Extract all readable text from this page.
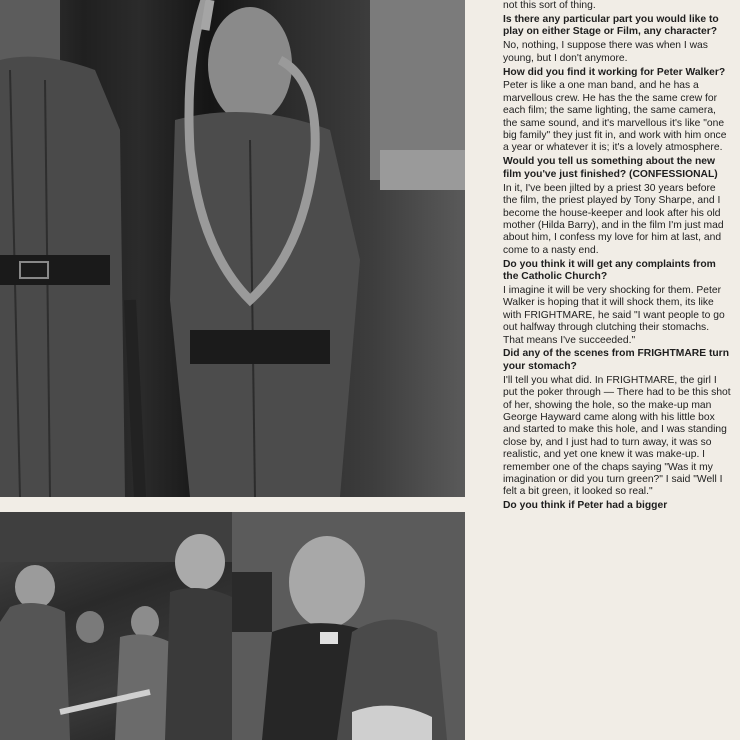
not this sort of thing.

Is there any particular part you would like to play on either Stage or Film, any character?

No, nothing, I suppose there was when I was young, but I don't anymore.

How did you find it working for Peter Walker?

Peter is like a one man band, and he has a marvellous crew. He has the the same crew for each film; the same lighting, the same camera, the same sound, and it's marvellous it's like "one big family" they just fit in, and work with him once a year or whatever it is; it's a lovely atmosphere.

Would you tell us something about the new film you've just finished? (CONFESSIONAL)

In it, I've been jilted by a priest 30 years before the film, the priest played by Tony Sharpe, and I become the house-keeper and look after his old mother (Hilda Barry), and in the film I'm just mad about him, I confess my love for him at last, and come to a nasty end.

Do you think it will get any complaints from the Catholic Church?

I imagine it will be very shocking for them. Peter Walker is hoping that it will shock them, its like with FRIGHTMARE, he said "I want people to go out halfway through clutching their stomachs. That means I've succeeded."

Did any of the scenes from FRIGHTMARE turn your stomach?

I'll tell you what did. In FRIGHTMARE, the girl I put the poker through — There had to be this shot of her, showing the hole, so the make-up man George Hayward came along with his little box and started to make this hole, and I was standing close by, and I just had to turn away, it was so realistic, and yet one knew it was make-up. I remember one of the chaps saying "Was it my imagination or did you turn green?" I said "Well I felt a bit green, it looked so real."

Do you think if Peter had a bigger
